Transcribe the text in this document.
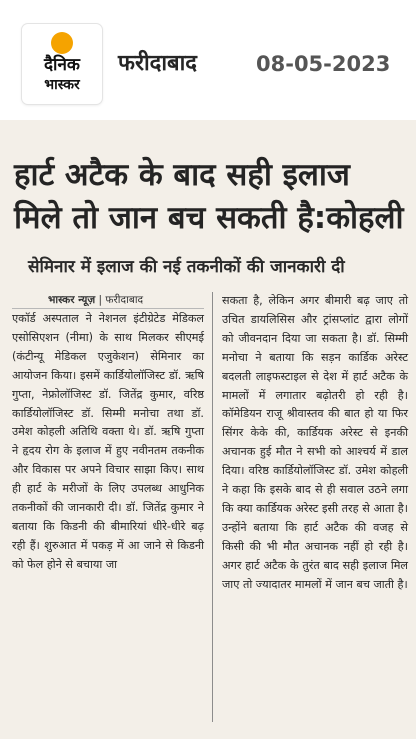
दैनिक
भास्कर
फरीदाबाद	08-05-2023
हार्ट अटैक के बाद सही इलाज
मिले तो जान बच सकती है:कोहली
सेमिनार में इलाज की नई तकनीकों की जानकारी दी
भास्कर न्यूज़ | फरीदाबाद
एकॉर्ड अस्पताल ने नेशनल इंटीग्रेटेड मेडिकल एसोसिएशन (नीमा) के साथ मिलकर सीएमई (कंटीन्यू मेडिकल एजुकेशन) सेमिनार का आयोजन किया। इसमें कार्डियोलॉजिस्ट डॉ. ऋषि गुप्ता, नेफ्रोलॉजिस्ट डॉ. जितेंद्र कुमार, वरिष्ठ कार्डियोलॉजिस्ट डॉ. सिम्मी मनोचा तथा डॉ. उमेश कोहली अतिथि वक्ता थे। डॉ. ऋषि गुप्ता ने हृदय रोग के इलाज में हुए नवीनतम तकनीक और विकास पर अपने विचार साझा किए। साथ ही हार्ट के मरीजों के लिए उपलब्ध आधुनिक तकनीकों की जानकारी दी। डॉ. जितेंद्र कुमार ने बताया कि किडनी की बीमारियां धीरे-धीरे बढ़ रही हैं। शुरुआत में पकड़ में आ जाने से किडनी को फेल होने से बचाया जा
सकता है, लेकिन अगर बीमारी बढ़ जाए तो उचित डायलिसिस और ट्रांसप्लांट द्वारा लोगों को जीवनदान दिया जा सकता है। डॉ. सिम्मी मनोचा ने बताया कि सड़न कार्डिक अरेस्ट बदलती लाइफस्टाइल से देश में हार्ट अटैक के मामलों में लगातार बढ़ोतरी हो रही है। कॉमेडियन राजू श्रीवास्तव की बात हो या फिर सिंगर केके की, कार्डियक अरेस्ट से इनकी अचानक हुई मौत ने सभी को आश्चर्य में डाल दिया। वरिष्ठ कार्डियोलॉजिस्ट डॉ. उमेश कोहली ने कहा कि इसके बाद से ही सवाल उठने लगा कि क्या कार्डियक अरेस्ट इसी तरह से आता है। उन्होंने बताया कि हार्ट अटैक की वजह से किसी की भी मौत अचानक नहीं हो रही है। अगर हार्ट अटैक के तुरंत बाद सही इलाज मिल जाए तो ज्यादातर मामलों में जान बच जाती है।
